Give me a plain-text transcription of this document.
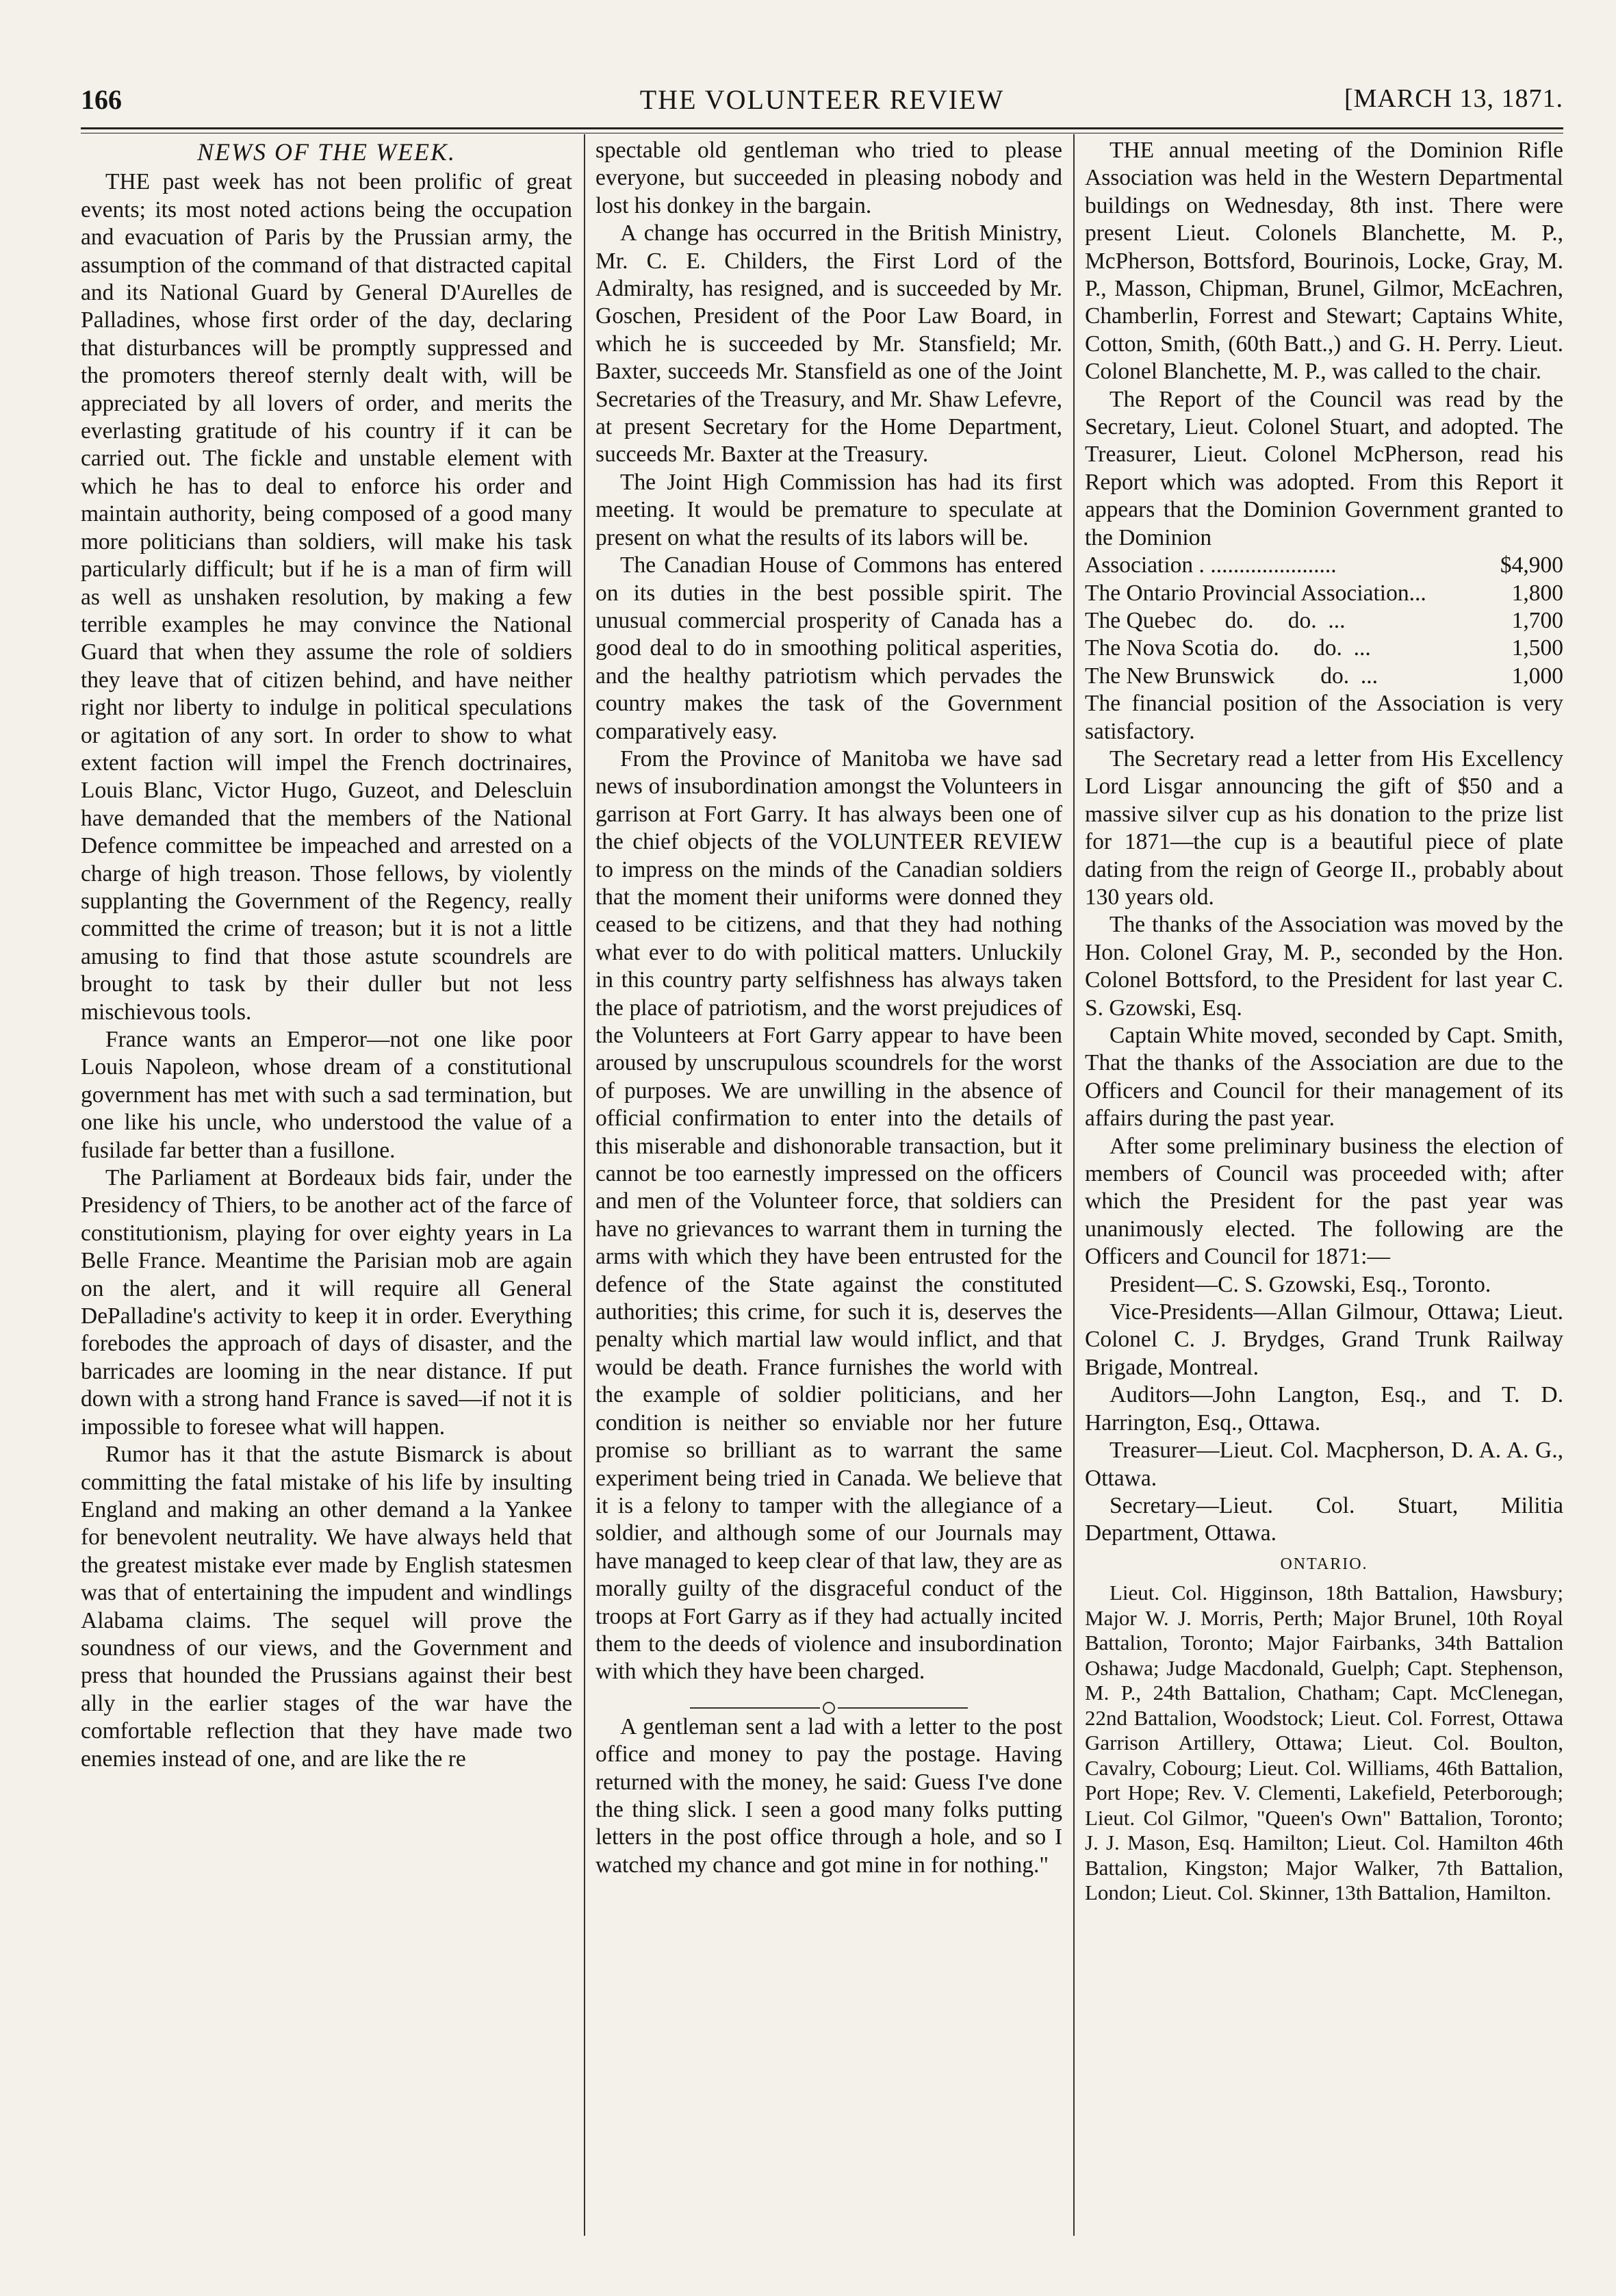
166	THE VOLUNTEER REVIEW	[MARCH 13, 1871.

NEWS OF THE WEEK.

THE past week has not been prolific of great events; its most noted actions being the occupation and evacuation of Paris by the Prussian army, the assumption of the command of that distracted capital and its National Guard by General D'Aurelles de Palladines, whose first order of the day, declaring that disturbances will be promptly suppressed and the promoters thereof sternly dealt with, will be appreciated by all lovers of order, and merits the everlasting gratitude of his country if it can be carried out. The fickle and unstable element with which he has to deal to enforce his order and maintain authority, being composed of a good many more politicians than soldiers, will make his task particularly difficult; but if he is a man of firm will as well as unshaken resolution, by making a few terrible examples he may convince the National Guard that when they assume the role of soldiers they leave that of citizen behind, and have neither right nor liberty to indulge in political speculations or agitation of any sort. In order to show to what extent faction will impel the French doctrinaires, Louis Blanc, Victor Hugo, Guzeot, and Delescluin have demanded that the members of the National Defence committee be impeached and arrested on a charge of high treason. Those fellows, by violently supplanting the Government of the Regency, really committed the crime of treason; but it is not a little amusing to find that those astute scoundrels are brought to task by their duller but not less mischievous tools.

France wants an Emperor—not one like poor Louis Napoleon, whose dream of a constitutional government has met with such a sad termination, but one like his uncle, who understood the value of a fusilade far better than a fusillone.

The Parliament at Bordeaux bids fair, under the Presidency of Thiers, to be another act of the farce of constitutionism, playing for over eighty years in La Belle France. Meantime the Parisian mob are again on the alert, and it will require all General DePalladine's activity to keep it in order. Everything forebodes the approach of days of disaster, and the barricades are looming in the near distance. If put down with a strong hand France is saved—if not it is impossible to foresee what will happen.

Rumor has it that the astute Bismarck is about committing the fatal mistake of his life by insulting England and making an other demand a la Yankee for benevolent neutrality. We have always held that the greatest mistake ever made by English statesmen was that of entertaining the impudent and windlings Alabama claims. The sequel will prove the soundness of our views, and the Government and press that hounded the Prussians against their best ally in the earlier stages of the war have the comfortable reflection that they have made two enemies instead of one, and are like the re

spectable old gentleman who tried to please everyone, but succeeded in pleasing nobody and lost his donkey in the bargain.

A change has occurred in the British Ministry, Mr. C. E. Childers, the First Lord of the Admiralty, has resigned, and is succeeded by Mr. Goschen, President of the Poor Law Board, in which he is succeeded by Mr. Stansfield; Mr. Baxter, succeeds Mr. Stansfield as one of the Joint Secretaries of the Treasury, and Mr. Shaw Lefevre, at present Secretary for the Home Department, succeeds Mr. Baxter at the Treasury.

The Joint High Commission has had its first meeting. It would be premature to speculate at present on what the results of its labors will be.

The Canadian House of Commons has entered on its duties in the best possible spirit. The unusual commercial prosperity of Canada has a good deal to do in smoothing political asperities, and the healthy patriotism which pervades the country makes the task of the Government comparatively easy.

From the Province of Manitoba we have sad news of insubordination amongst the Volunteers in garrison at Fort Garry. It has always been one of the chief objects of the VOLUNTEER REVIEW to impress on the minds of the Canadian soldiers that the moment their uniforms were donned they ceased to be citizens, and that they had nothing what ever to do with political matters. Unluckily in this country party selfishness has always taken the place of patriotism, and the worst prejudices of the Volunteers at Fort Garry appear to have been aroused by unscrupulous scoundrels for the worst of purposes. We are unwilling in the absence of official confirmation to enter into the details of this miserable and dishonorable transaction, but it cannot be too earnestly impressed on the officers and men of the Volunteer force, that soldiers can have no grievances to warrant them in turning the arms with which they have been entrusted for the defence of the State against the constituted authorities; this crime, for such it is, deserves the penalty which martial law would inflict, and that would be death. France furnishes the world with the example of soldier politicians, and her condition is neither so enviable nor her future promise so brilliant as to warrant the same experiment being tried in Canada. We believe that it is a felony to tamper with the allegiance of a soldier, and although some of our Journals may have managed to keep clear of that law, they are as morally guilty of the disgraceful conduct of the troops at Fort Garry as if they had actually incited them to the deeds of violence and insubordination with which they have been charged.

A gentleman sent a lad with a letter to the post office and money to pay the postage. Having returned with the money, he said: Guess I've done the thing slick. I seen a good many folks putting letters in the post office through a hole, and so I watched my chance and got mine in for nothing."

THE annual meeting of the Dominion Rifle Association was held in the Western Departmental buildings on Wednesday, 8th inst. There were present Lieut. Colonels Blanchette, M. P., McPherson, Bottsford, Bourinois, Locke, Gray, M. P., Masson, Chipman, Brunel, Gilmor, McEachren, Chamberlin, Forrest and Stewart; Captains White, Cotton, Smith, (60th Batt.,) and G. H. Perry. Lieut. Colonel Blanchette, M. P., was called to the chair.

The Report of the Council was read by the Secretary, Lieut. Colonel Stuart, and adopted. The Treasurer, Lieut. Colonel McPherson, read his Report which was adopted. From this Report it appears that the Dominion Government granted to the Dominion

Association . ......................	$4,900
The Ontario Provincial Association...	1,800
The Quebec do. do. ...	1,700
The Nova Scotia do. do. ...	1,500
The New Brunswick do. ...	1,000

The financial position of the Association is very satisfactory.

The Secretary read a letter from His Excellency Lord Lisgar announcing the gift of $50 and a massive silver cup as his donation to the prize list for 1871—the cup is a beautiful piece of plate dating from the reign of George II., probably about 130 years old.

The thanks of the Association was moved by the Hon. Colonel Gray, M. P., seconded by the Hon. Colonel Bottsford, to the President for last year C. S. Gzowski, Esq.

Captain White moved, seconded by Capt. Smith, That the thanks of the Association are due to the Officers and Council for their management of its affairs during the past year.

After some preliminary business the election of members of Council was proceeded with; after which the President for the past year was unanimously elected. The following are the Officers and Council for 1871:—

President—C. S. Gzowski, Esq., Toronto.

Vice-Presidents—Allan Gilmour, Ottawa; Lieut. Colonel C. J. Brydges, Grand Trunk Railway Brigade, Montreal.

Auditors—John Langton, Esq., and T. D. Harrington, Esq., Ottawa.

Treasurer—Lieut. Col. Macpherson, D. A. A. G., Ottawa.

Secretary—Lieut. Col. Stuart, Militia Department, Ottawa.

ONTARIO.

Lieut. Col. Higginson, 18th Battalion, Hawsbury; Major W. J. Morris, Perth; Major Brunel, 10th Royal Battalion, Toronto; Major Fairbanks, 34th Battalion Oshawa; Judge Macdonald, Guelph; Capt. Stephenson, M. P., 24th Battalion, Chatham; Capt. McClenegan, 22nd Battalion, Woodstock; Lieut. Col. Forrest, Ottawa Garrison Artillery, Ottawa; Lieut. Col. Boulton, Cavalry, Cobourg; Lieut. Col. Williams, 46th Battalion, Port Hope; Rev. V. Clementi, Lakefield, Peterborough; Lieut. Col Gilmor, "Queen's Own" Battalion, Toronto; J. J. Mason, Esq. Hamilton; Lieut. Col. Hamilton 46th Battalion, Kingston; Major Walker, 7th Battalion, London; Lieut. Col. Skinner, 13th Battalion, Hamilton.
